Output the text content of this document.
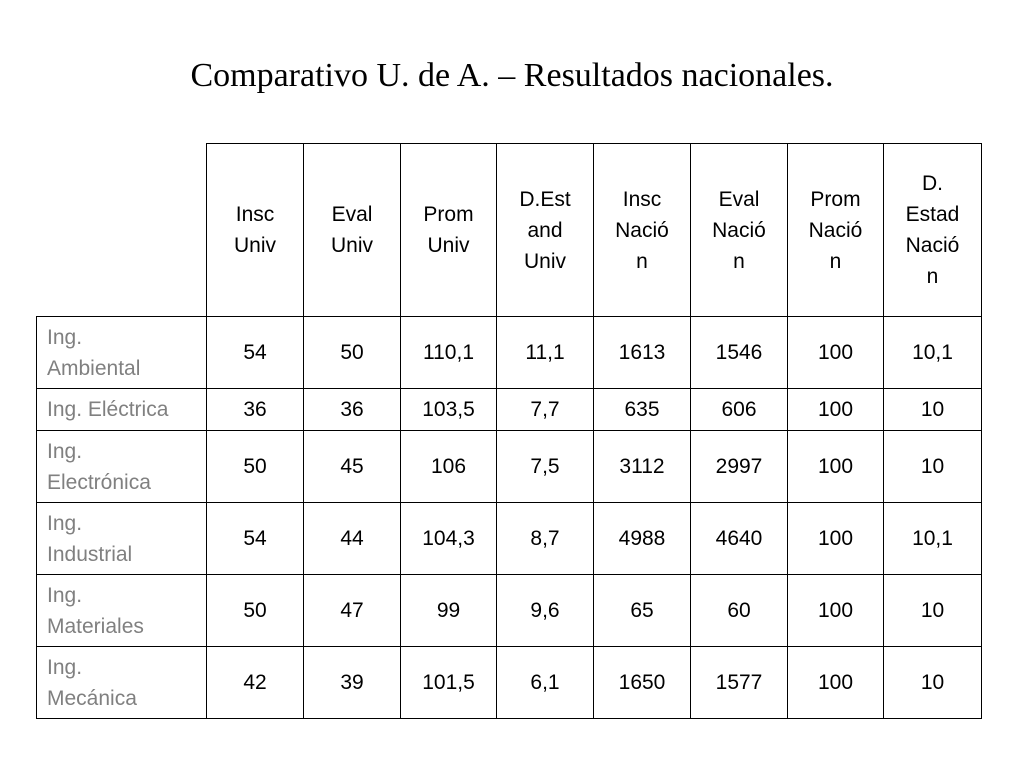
Comparativo U. de A. – Resultados nacionales.
	Insc
Univ	Eval
Univ	Prom
Univ	D.Est
and
Univ	Insc
Nació
n	Eval
Nació
n	Prom
Nació
n	D.
Estad
Nació
n
Ing.
Ambiental	54	50	110,1	11,1	1613	1546	100	10,1
Ing. Eléctrica	36	36	103,5	7,7	635	606	100	10
Ing.
Electrónica	50	45	106	7,5	3112	2997	100	10
Ing.
Industrial	54	44	104,3	8,7	4988	4640	100	10,1
Ing.
Materiales	50	47	99	9,6	65	60	100	10
Ing.
Mecánica	42	39	101,5	6,1	1650	1577	100	10
